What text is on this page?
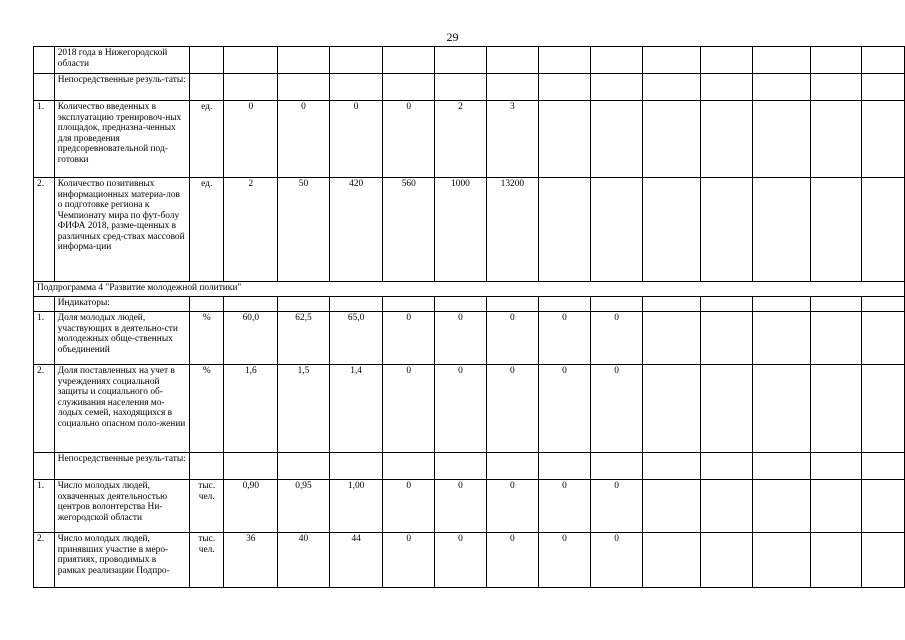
29
	2018 года в Нижегородской области														
	Непосредственные резуль-таты:														
1.	Количество введенных в эксплуатацию тренировоч-ных площадок, предназна-ченных для проведения предсоревновательной под-готовки	ед.	0	0	0	0	2	3							
2.	Количество позитивных информационных материа-лов о подготовке региона к Чемпионату мира по фут-болу ФИФА 2018, разме-щенных в различных сред-ствах массовой информа-ции	ед.	2	50	420	560	1000	13200							
Подпрограмма 4 "Развитие молодежной политики"															
	Индикаторы:														
1.	Доля молодых людей, участвующих в деятельно-сти молодежных обще-ственных объединений	%	60,0	62,5	65,0	0	0	0	0	0					
2.	Доля поставленных на учет в учреждениях социальной защиты и социального об-служивания населения мо-лодых семей, находящихся в социально опасном поло-жении	%	1,6	1,5	1,4	0	0	0	0	0					
	Непосредственные резуль-таты:														
1.	Число молодых людей, охваченных деятельностью центров волонтерства Ни-жегородской области	тыс. чел.	0,90	0,95	1,00	0	0	0	0	0					
2.	Число молодых людей, принявших участие в меро-приятиях, проводимых в рамках реализации Подпро-	тыс. чел.	36	40	44	0	0	0	0	0					
